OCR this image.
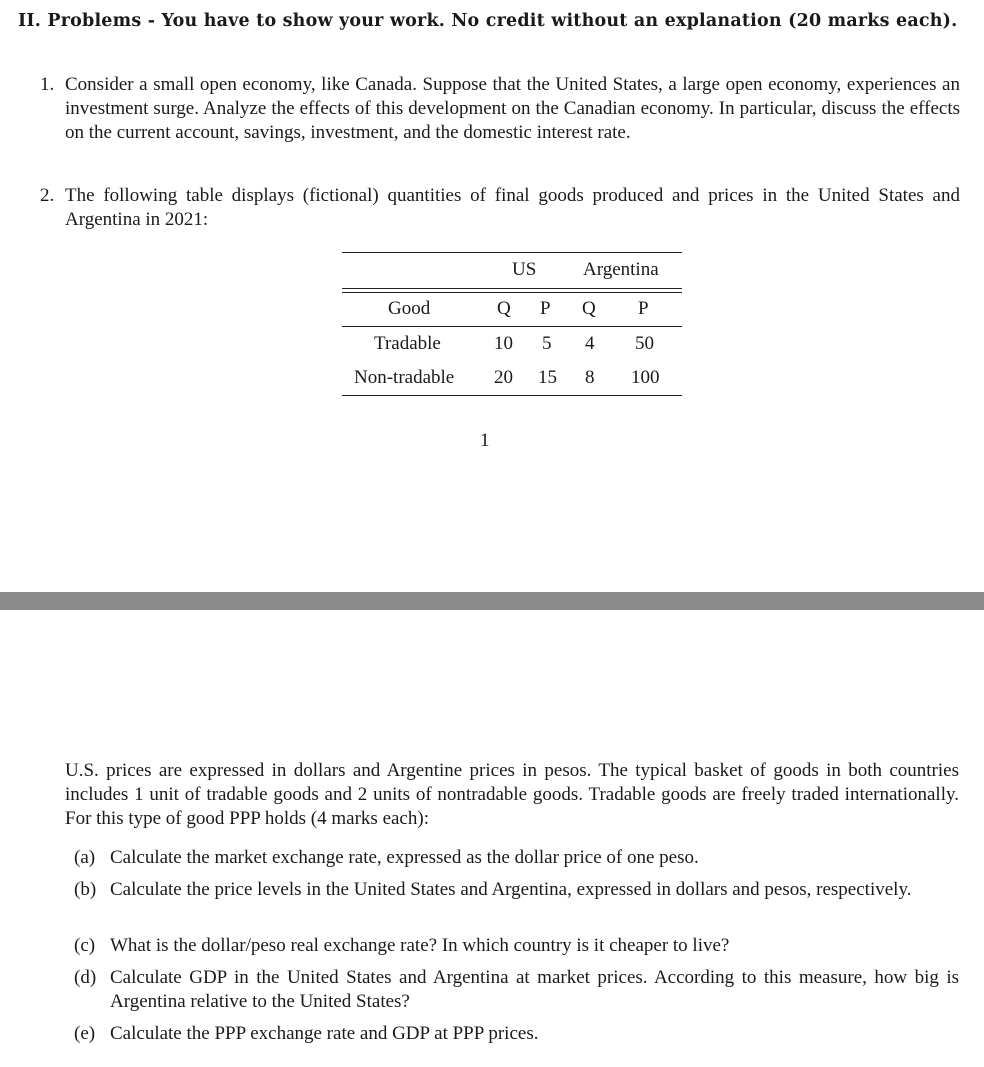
II. Problems - You have to show your work. No credit without an explanation (20 marks each).
1. Consider a small open economy, like Canada. Suppose that the United States, a large open economy, experiences an investment surge. Analyze the effects of this development on the Canadian economy. In particular, discuss the effects on the current account, savings, investment, and the domestic interest rate.
2. The following table displays (fictional) quantities of final goods produced and prices in the United States and Argentina in 2021:
US Argentina
Good	Q P Q P
Tradable	10 5 4 50
Non-tradable 20 15 8 100
1
U.S. prices are expressed in dollars and Argentine prices in pesos. The typical basket of goods in both countries includes 1 unit of tradable goods and 2 units of nontradable goods. Tradable goods are freely traded internationally. For this type of good PPP holds (4 marks each):
(a) Calculate the market exchange rate, expressed as the dollar price of one peso.
(b) Calculate the price levels in the United States and Argentina, expressed in dollars and pesos, respectively.
(c) What is the dollar/peso real exchange rate? In which country is it cheaper to live?
(d) Calculate GDP in the United States and Argentina at market prices. According to this measure, how big is Argentina relative to the United States?
(e) Calculate the PPP exchange rate and GDP at PPP prices.
